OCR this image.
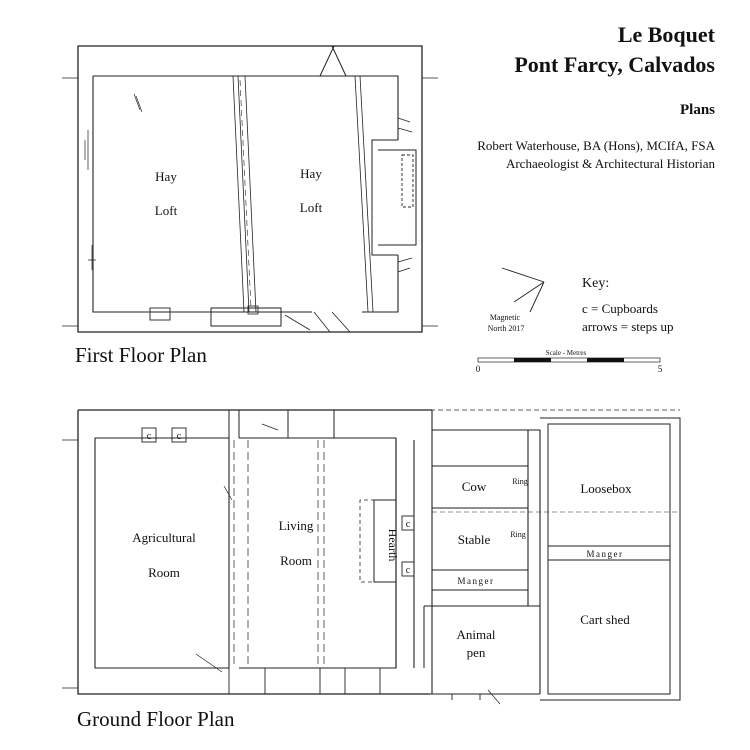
Le Boquet
Pont Farcy, Calvados
Plans
Robert Waterhouse, BA (Hons), MCIfA, FSA
Archaeologist & Architectural Historian
Key:
c = Cupboards
arrows = steps up
First Floor Plan
Ground Floor Plan
Hay
Loft
Hay
Loft
Magnetic
North 2017
Scale - Metres
0	5
c	c
c
c
Cow	Ring
Stable Ring
Manger
Animal
pen
Loosebox
Manger
Cart shed
Agricultural
Room
Living
Room	Hearth
